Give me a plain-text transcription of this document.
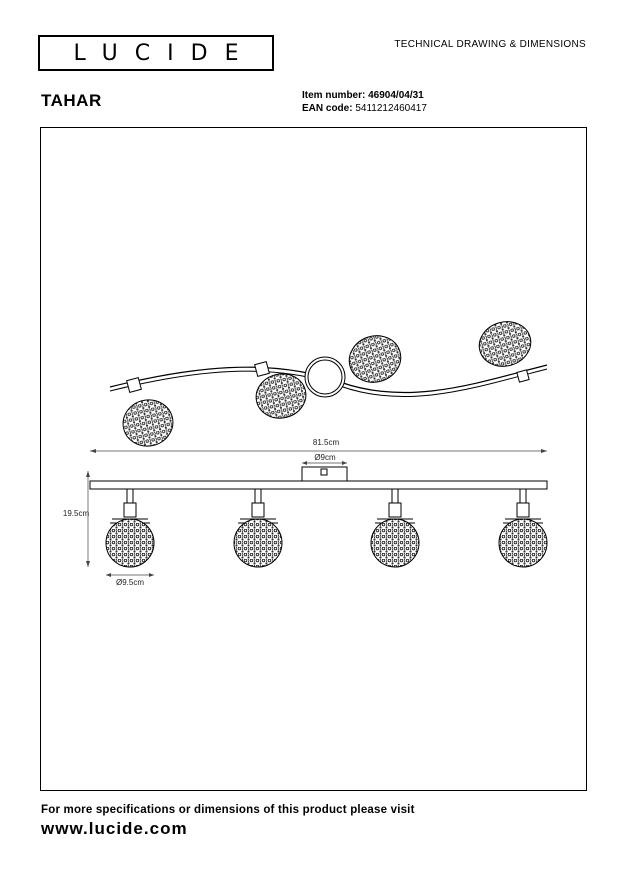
LUCIDE	TECHNICAL DRAWING & DIMENSIONS
TAHAR	Item number: 46904/04/31
EAN code: 5411212460417
81.5cm
Ø9cm
19.5cm
Ø9.5cm
For more specifications or dimensions of this product please visit
www.lucide.com
